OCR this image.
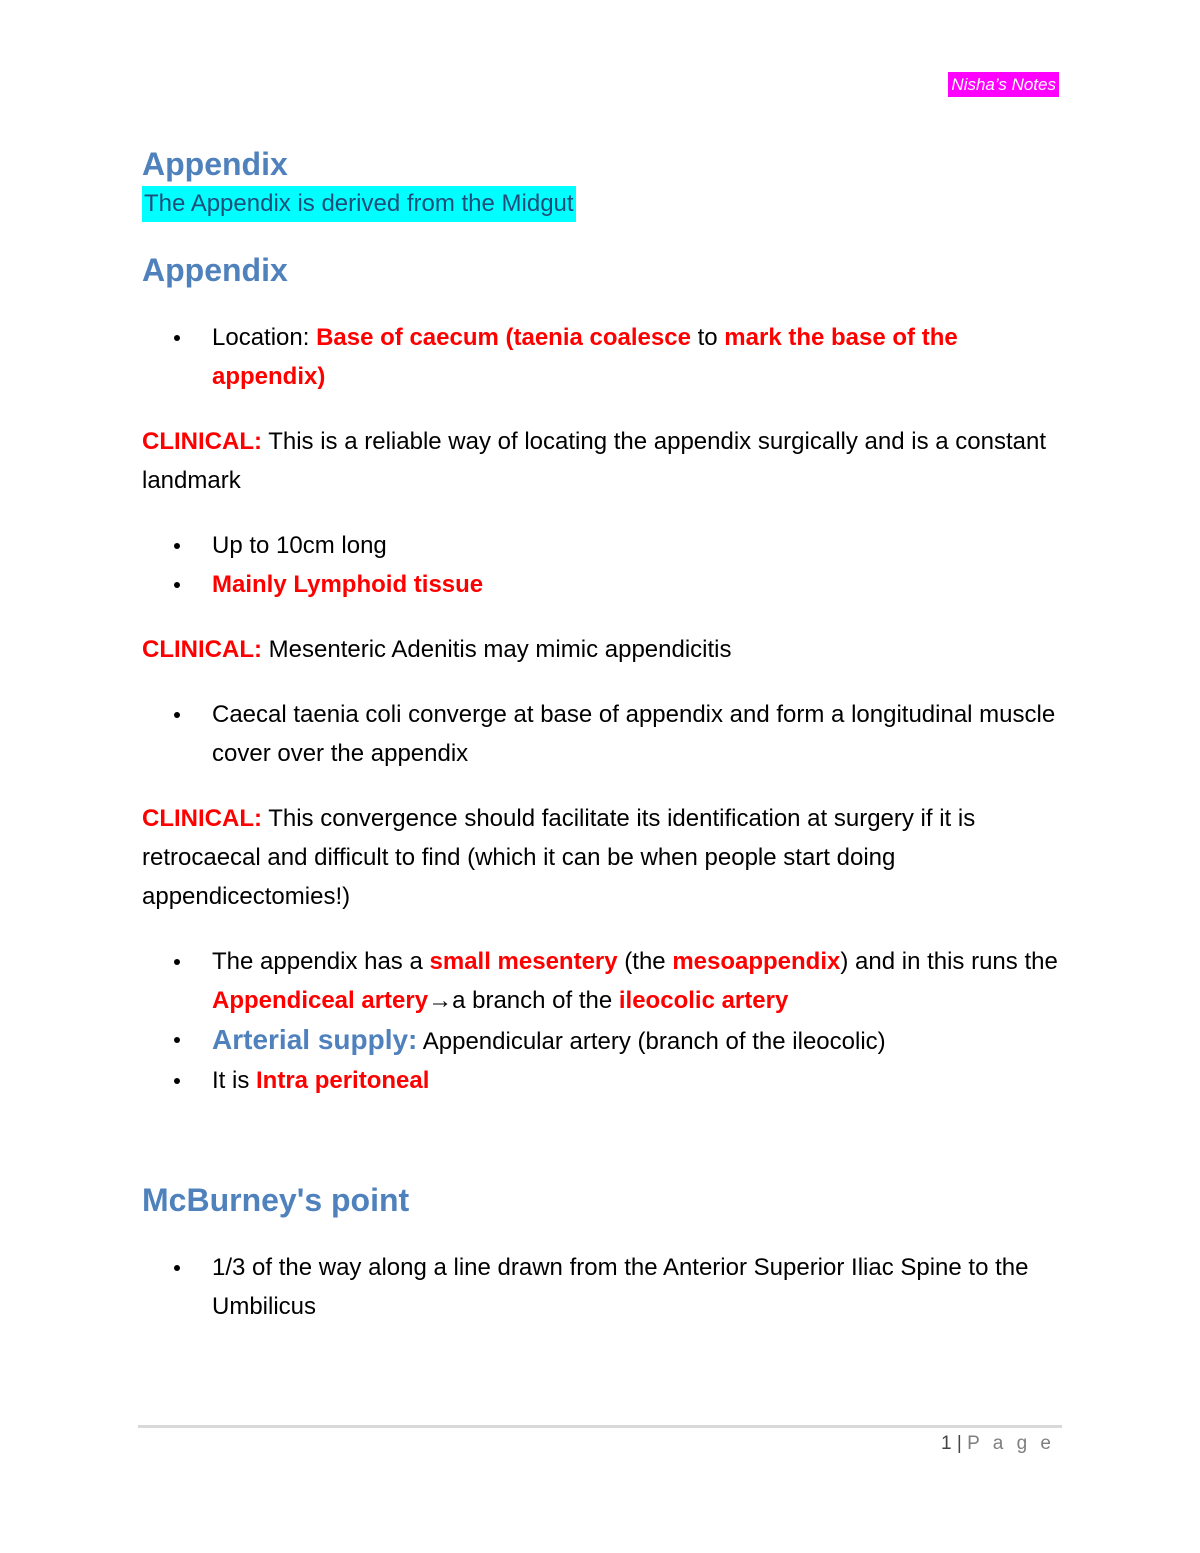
Nisha’s Notes
Appendix
The Appendix is derived from the Midgut
Appendix
Location: Base of caecum (taenia coalesce to mark the base of the appendix)

CLINICAL: This is a reliable way of locating the appendix surgically and is a constant landmark

Up to 10cm long
Mainly Lymphoid tissue

CLINICAL: Mesenteric Adenitis may mimic appendicitis

Caecal taenia coli converge at base of appendix and form a longitudinal muscle cover over the appendix

CLINICAL: This convergence should facilitate its identification at surgery if it is retrocaecal and difficult to find (which it can be when people start doing appendicectomies!)

The appendix has a small mesentery (the mesoappendix) and in this runs the Appendiceal artery→a branch of the ileocolic artery
Arterial supply: Appendicular artery (branch of the ileocolic)
It is Intra peritoneal
McBurney's point
1/3 of the way along a line drawn from the Anterior Superior Iliac Spine to the Umbilicus
1 | P a g e
